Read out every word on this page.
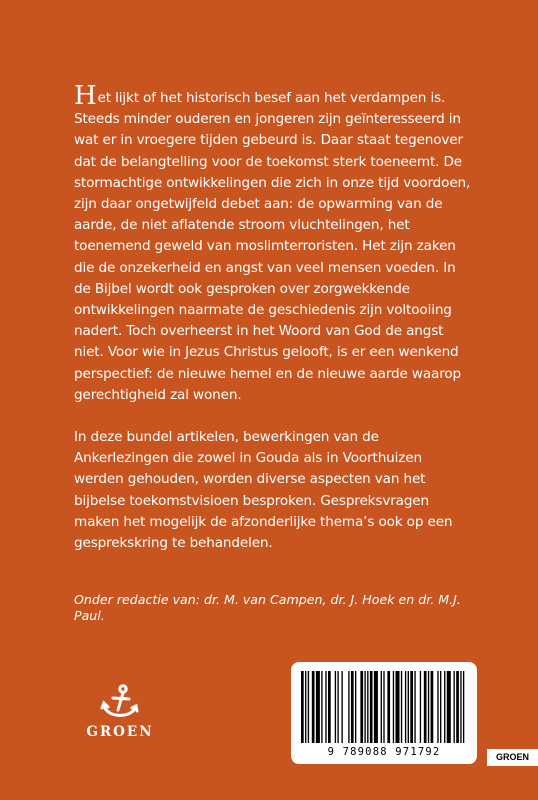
Het lijkt of het historisch besef aan het verdampen is. Steeds minder ouderen en jongeren zijn geïnteresseerd in wat er in vroegere tijden gebeurd is. Daar staat tegenover dat de belangtelling voor de toekomst sterk toeneemt. De stormachtige ontwikkelingen die zich in onze tijd voordoen, zijn daar ongetwijfeld debet aan: de opwarming van de aarde, de niet aflatende stroom vluchtelingen, het toenemend geweld van moslimterroristen. Het zijn zaken die de onzekerheid en angst van veel mensen voeden. In de Bijbel wordt ook gesproken over zorgwekkende ontwikkelingen naarmate de geschiedenis zijn voltooiing nadert. Toch overheerst in het Woord van God de angst niet. Voor wie in Jezus Christus gelooft, is er een wenkend perspectief: de nieuwe hemel en de nieuwe aarde waarop gerechtigheid zal wonen.

In deze bundel artikelen, bewerkingen van de Ankerlezingen die zowel in Gouda als in Voorthuizen werden gehouden, worden diverse aspecten van het bijbelse toekomstvisioen besproken. Gespreksvragen maken het mogelijk de afzonderlijke thema’s ook op een gesprekskring te behandelen.

Onder redactie van: dr. M. van Campen, dr. J. Hoek en dr. M.J. Paul.
GROEN
9 789088 971792	GROEN
